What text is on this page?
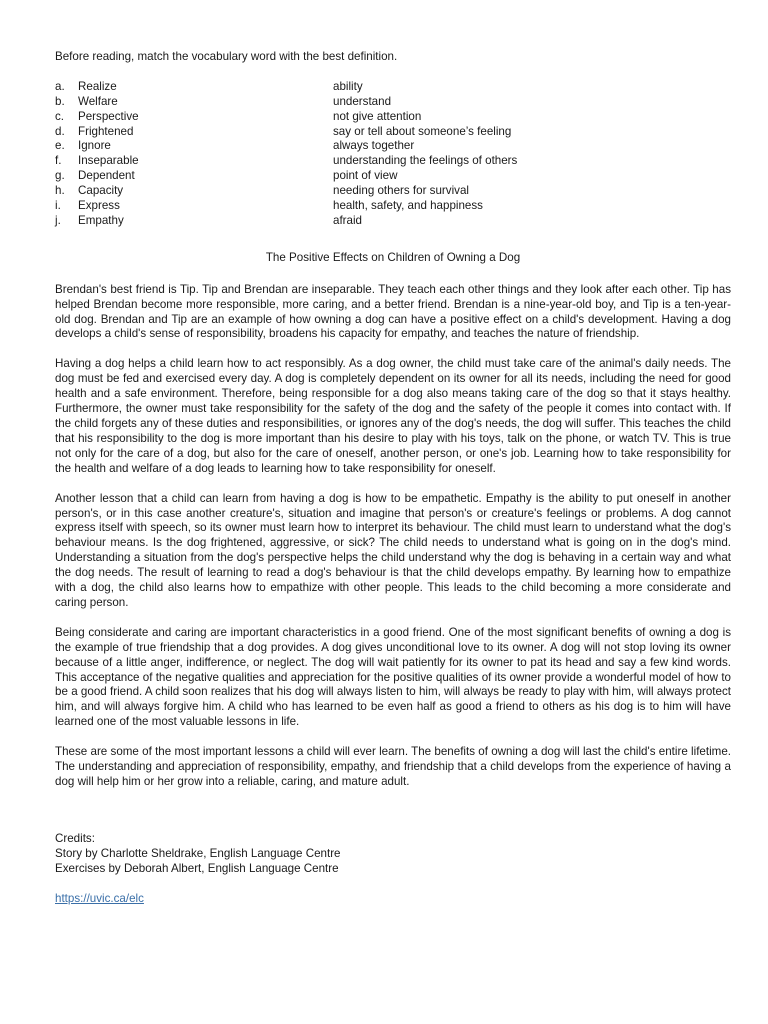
Before reading, match the vocabulary word with the best definition.

a.	Realize	ability
b.	Welfare	understand
c.	Perspective	not give attention
d.	Frightened	say or tell about someone’s feeling
e.	Ignore	always together
f.	Inseparable	understanding the feelings of others
g.	Dependent	point of view
h.	Capacity	needing others for survival
i.	Express	health, safety, and happiness
j.	Empathy	afraid
The Positive Effects on Children of Owning a Dog

Brendan's best friend is Tip. Tip and Brendan are inseparable. They teach each other things and they look after each other. Tip has helped Brendan become more responsible, more caring, and a better friend. Brendan is a nine-year-old boy, and Tip is a ten-year-old dog. Brendan and Tip are an example of how owning a dog can have a positive effect on a child's development. Having a dog develops a child's sense of responsibility, broadens his capacity for empathy, and teaches the nature of friendship.

Having a dog helps a child learn how to act responsibly. As a dog owner, the child must take care of the animal's daily needs. The dog must be fed and exercised every day. A dog is completely dependent on its owner for all its needs, including the need for good health and a safe environment. Therefore, being responsible for a dog also means taking care of the dog so that it stays healthy. Furthermore, the owner must take responsibility for the safety of the dog and the safety of the people it comes into contact with. If the child forgets any of these duties and responsibilities, or ignores any of the dog's needs, the dog will suffer. This teaches the child that his responsibility to the dog is more important than his desire to play with his toys, talk on the phone, or watch TV. This is true not only for the care of a dog, but also for the care of oneself, another person, or one's job. Learning how to take responsibility for the health and welfare of a dog leads to learning how to take responsibility for oneself.

Another lesson that a child can learn from having a dog is how to be empathetic. Empathy is the ability to put oneself in another person's, or in this case another creature's, situation and imagine that person's or creature's feelings or problems. A dog cannot express itself with speech, so its owner must learn how to interpret its behaviour. The child must learn to understand what the dog's behaviour means. Is the dog frightened, aggressive, or sick? The child needs to understand what is going on in the dog's mind. Understanding a situation from the dog's perspective helps the child understand why the dog is behaving in a certain way and what the dog needs. The result of learning to read a dog's behaviour is that the child develops empathy. By learning how to empathize with a dog, the child also learns how to empathize with other people. This leads to the child becoming a more considerate and caring person.

Being considerate and caring are important characteristics in a good friend. One of the most significant benefits of owning a dog is the example of true friendship that a dog provides. A dog gives unconditional love to its owner. A dog will not stop loving its owner because of a little anger, indifference, or neglect. The dog will wait patiently for its owner to pat its head and say a few kind words. This acceptance of the negative qualities and appreciation for the positive qualities of its owner provide a wonderful model of how to be a good friend. A child soon realizes that his dog will always listen to him, will always be ready to play with him, will always protect him, and will always forgive him. A child who has learned to be even half as good a friend to others as his dog is to him will have learned one of the most valuable lessons in life.

These are some of the most important lessons a child will ever learn. The benefits of owning a dog will last the child's entire lifetime. The understanding and appreciation of responsibility, empathy, and friendship that a child develops from the experience of having a dog will help him or her grow into a reliable, caring, and mature adult.

Credits:

Story by Charlotte Sheldrake, English Language Centre

Exercises by Deborah Albert, English Language Centre

https://uvic.ca/elc
